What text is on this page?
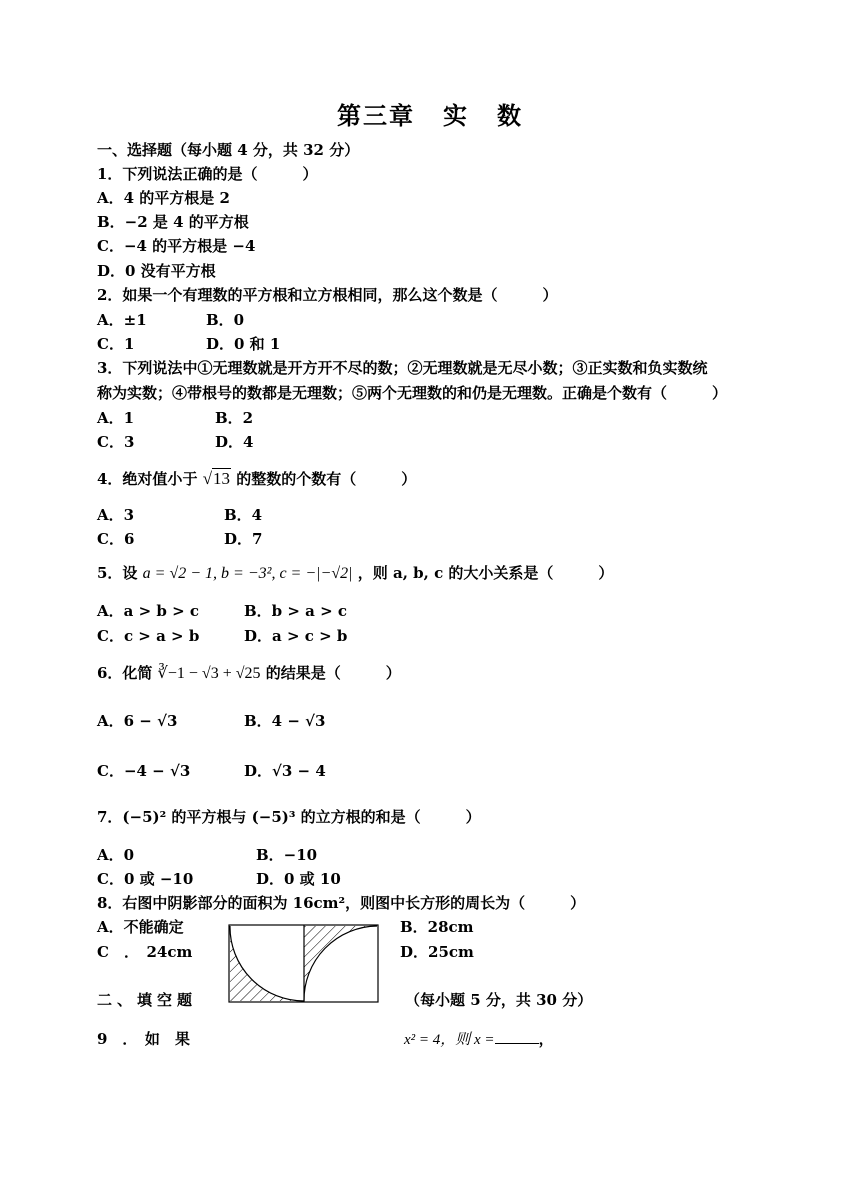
第三章 实 数
一、选择题（每小题 4 分，共 32 分）
1．下列说法正确的是（　　　）
A．4 的平方根是 2
B．−2 是 4 的平方根
C．−4 的平方根是 −4
D．0 没有平方根
2．如果一个有理数的平方根和立方根相同，那么这个数是（　　　）
A．±1	B．0
C．1	D．0 和 1
3．下列说法中①无理数就是开方开不尽的数；②无理数就是无尽小数；③正实数和负实数统
称为实数；④带根号的数都是无理数；⑤两个无理数的和仍是无理数。正确是个数有（　　　）
A．1	B．2
C．3	D．4
4．绝对值小于 √13 的整数的个数有（　　　）
A．3	B．4
C．6	D．7
5．设 a = √2 − 1, b = −3², c = −|−√2| ，则 a, b, c 的大小关系是（　　　）
A．a > b > c	B．b > a > c
C．c > a > b	D．a > c > b
6．化简 ∛−1 − √3 + √25 的结果是（　　　）
A．6 − √3	B．4 − √3
C．−4 − √3	D．√3 − 4
7．(−5)² 的平方根与 (−5)³ 的立方根的和是（　　　）
A．0	B．−10
C．0 或 −10	D．0 或 10
8．右图中阴影部分的面积为 16cm²，则图中长方形的周长为（　　　）
A．不能确定	B．28cm
C　．　24cm	D．25cm
二、填空题	（每小题 5 分，共 30 分）
9　．　如　果	x² = 4，则 x =	，
